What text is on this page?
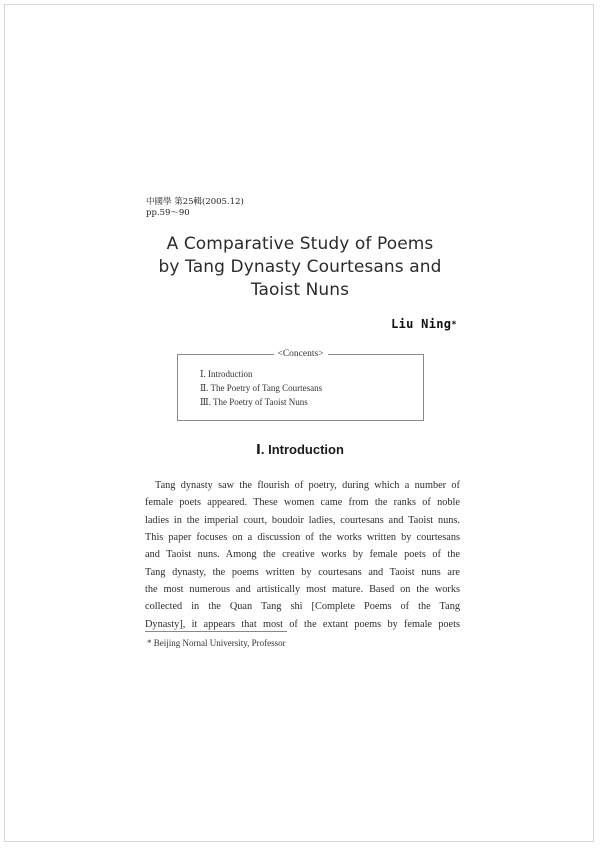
中國學 第25輯(2005.12)
pp.59～90
A Comparative Study of Poems
by Tang Dynasty Courtesans and
Taoist Nuns
Liu Ning*
<Concents>
Ⅰ. Introduction
Ⅱ. The Poetry of Tang Courtesans
Ⅲ. The Poetry of Taoist Nuns
Ⅰ. Introduction

Tang dynasty saw the flourish of poetry, during which a number of
female poets appeared. These women came from the ranks of noble
ladies in the imperial court, boudoir ladies, courtesans and Taoist nuns.
This paper focuses on a discussion of the works written by courtesans
and Taoist nuns. Among the creative works by female poets of the
Tang dynasty, the poems written by courtesans and Taoist nuns are
the most numerous and artistically most mature. Based on the works
collected in the Quan Tang shi [Complete Poems of the Tang
Dynasty], it appears that most of the extant poems by female poets

* Beijing Nornal University, Professor
